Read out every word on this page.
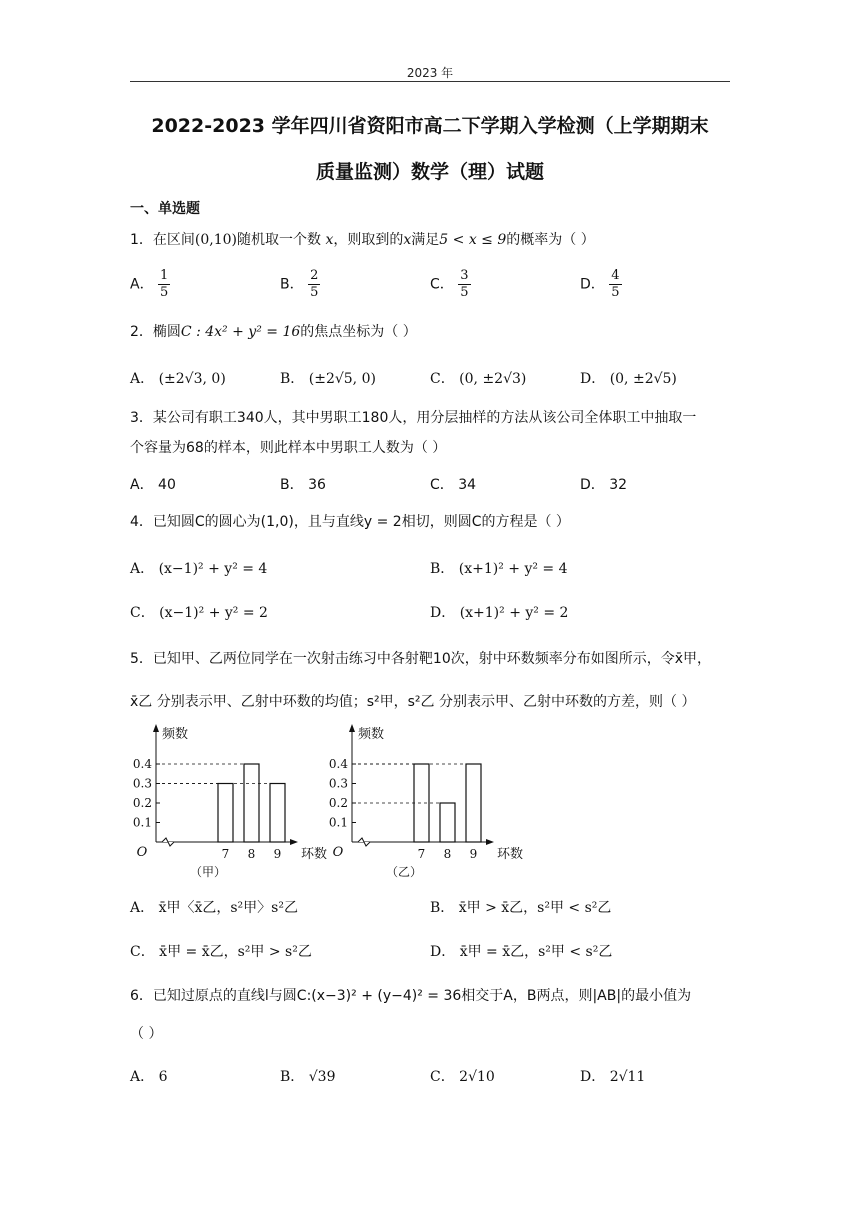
2023 年
2022-2023 学年四川省资阳市高二下学期入学检测（上学期期末
质量监测）数学（理）试题
一、单选题
1．在区间(0,10)随机取一个数 x，则取到的x满足5 < x ≤ 9的概率为（ ）
A． $\frac{1}{5}$	B． $\frac{2}{5}$	C． $\frac{3}{5}$	D． $\frac{4}{5}$
2．椭圆C : 4x² + y² = 16的焦点坐标为（ ）
A． (±2√3, 0)	B． (±2√5, 0)	C． (0, ±2√3)	D． (0, ±2√5)
3．某公司有职工340人，其中男职工180人，用分层抽样的方法从该公司全体职工中抽取一
个容量为68的样本，则此样本中男职工人数为（ ）
A． 40	B． 36	C． 34	D． 32
4．已知圆C的圆心为(1,0)，且与直线y = 2相切，则圆C的方程是（ ）
A． (x−1)² + y² = 4	B． (x+1)² + y² = 4
C． (x−1)² + y² = 2	D． (x+1)² + y² = 2
5．已知甲、乙两位同学在一次射击练习中各射靶10次，射中环数频率分布如图所示，令x̄甲，
x̄乙 分别表示甲、乙射中环数的均值；s²甲，s²乙 分别表示甲、乙射中环数的方差，则（ ）
0.1
0.2
0.3
0.4
7 8 9
O
频数
环数
（甲）
0.1
0.2
0.3
0.4
7 8 9
O
频数
环数
（乙）
A． x̄甲〈x̄乙，s²甲〉s²乙	B． x̄甲 > x̄乙，s²甲 < s²乙
C． x̄甲 = x̄乙，s²甲 > s²乙	D． x̄甲 = x̄乙，s²甲 < s²乙
6．已知过原点的直线l与圆C:(x−3)² + (y−4)² = 36相交于A，B两点，则|AB|的最小值为
（ ）
A． 6	B． √39	C． 2√10	D． 2√11
